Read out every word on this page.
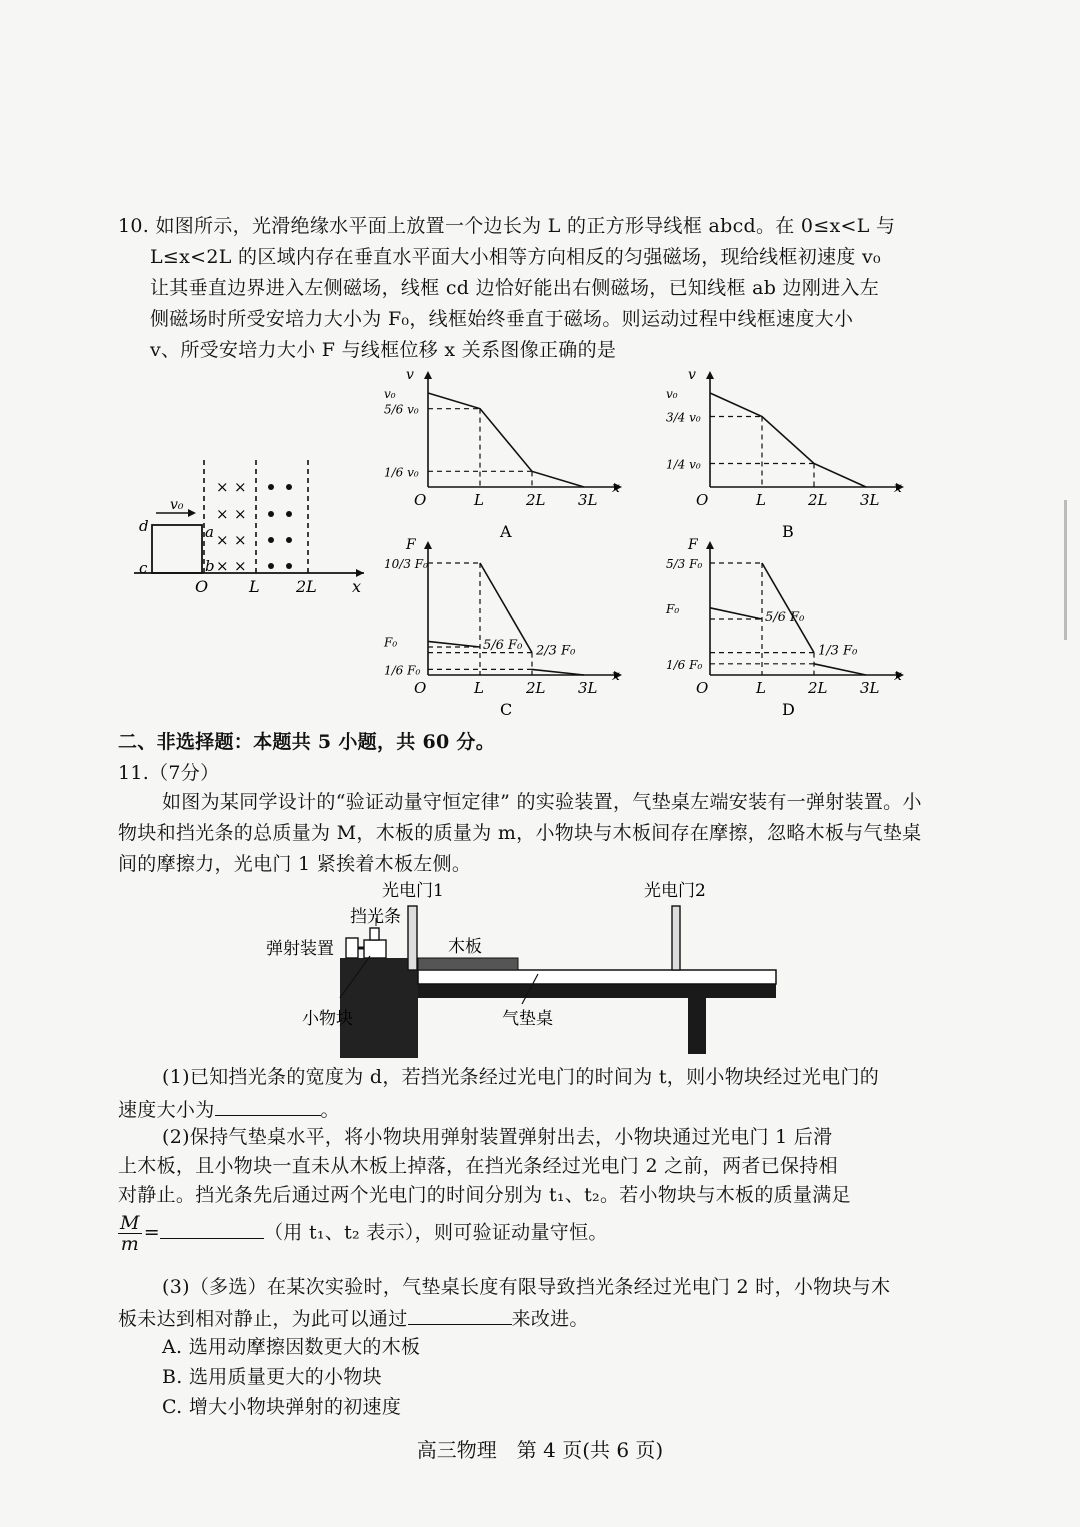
10. 如图所示，光滑绝缘水平面上放置一个边长为 L 的正方形导线框 abcd。在 0≤x<L 与
L≤x<2L 的区域内存在垂直水平面大小相等方向相反的匀强磁场，现给线框初速度 v₀
让其垂直边界进入左侧磁场，线框 cd 边恰好能出右侧磁场，已知线框 ab 边刚进入左
侧磁场时所受安培力大小为 F₀，线框始终垂直于磁场。则运动过程中线框速度大小
v、所受安培力大小 F 与线框位移 x 关系图像正确的是
v₀
d
c
a
b
× ×
× ×
× ×
× ×
O	L 2L x
v
x
O	L	2L 3L
v₀
5/6 v₀
1/6 v₀
A
v
x
O	L	2L 3L
v₀
3/4 v₀
1/4 v₀
B
F
x
O	L	2L 3L
5/6 F₀ 2/3 F₀
10/3 F₀
F₀
1/6 F₀
C
F
x
O	L	2L 3L
5/6 F₀
1/3 F₀
5/3 F₀
F₀
1/6 F₀
D
二、非选择题：本题共 5 小题，共 60 分。
11.（7分）
如图为某同学设计的“验证动量守恒定律” 的实验装置，气垫桌左端安装有一弹射装置。小物块和挡光条的总质量为 M，木板的质量为 m，小物块与木板间存在摩擦，忽略木板与气垫桌间的摩擦力，光电门 1 紧挨着木板左侧。
光电门1	光电门2
挡光条
弹射装置	木板
小物块	气垫桌
(1)已知挡光条的宽度为 d，若挡光条经过光电门的时间为 t，则小物块经过光电门的
速度大小为	。
(2)保持气垫桌水平，将小物块用弹射装置弹射出去，小物块通过光电门 1 后滑
上木板，且小物块一直未从木板上掉落，在挡光条经过光电门 2 之前，两者已保持相
对静止。挡光条先后通过两个光电门的时间分别为 t₁、t₂。若小物块与木板的质量满足
$\frac{M}{m}$ =	（用 t₁、t₂ 表示），则可验证动量守恒。
(3)（多选）在某次实验时，气垫桌长度有限导致挡光条经过光电门 2 时，小物块与木
板未达到相对静止，为此可以通过	来改进。
A. 选用动摩擦因数更大的木板
B. 选用质量更大的小物块
C. 增大小物块弹射的初速度
高三物理　第 4 页(共 6 页)
